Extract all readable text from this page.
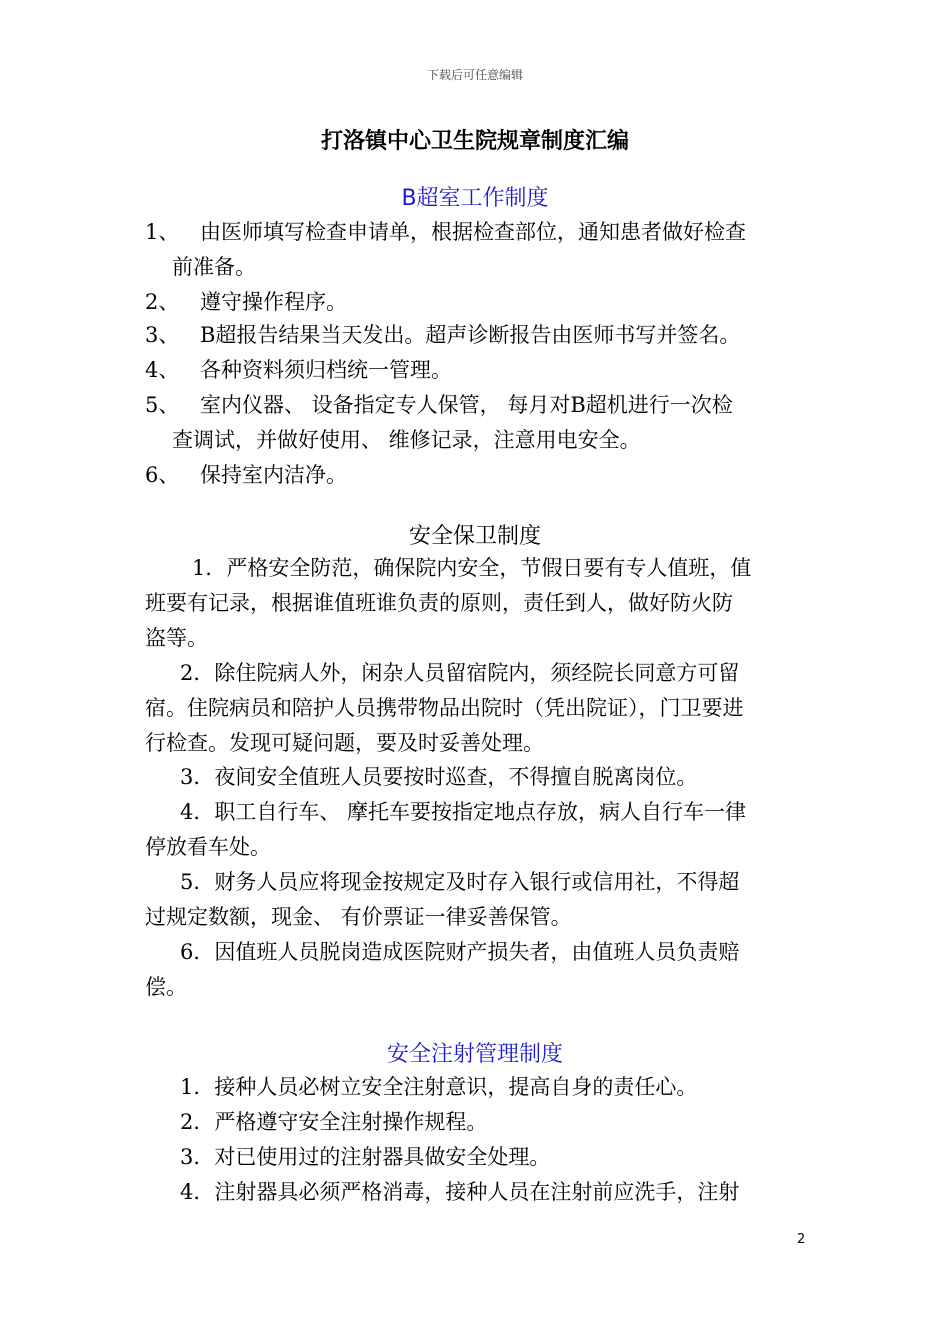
下载后可任意编辑
打洛镇中心卫生院规章制度汇编
B超室工作制度
1、 由医师填写检查申请单，根据检查部位，通知患者做好检查
前准备。
2、 遵守操作程序。
3、 B超报告结果当天发出。超声诊断报告由医师书写并签名。
4、 各种资料须归档统一管理。
5、 室内仪器、 设备指定专人保管， 每月对B超机进行一次检
查调试，并做好使用、 维修记录，注意用电安全。
6、 保持室内洁净。
安全保卫制度
1．严格安全防范，确保院内安全，节假日要有专人值班，值
班要有记录，根据谁值班谁负责的原则，责任到人，做好防火防
盗等。
2．除住院病人外，闲杂人员留宿院内，须经院长同意方可留
宿。住院病员和陪护人员携带物品出院时（凭出院证），门卫要进
行检查。发现可疑问题，要及时妥善处理。
3．夜间安全值班人员要按时巡查，不得擅自脱离岗位。
4．职工自行车、 摩托车要按指定地点存放，病人自行车一律
停放看车处。
5．财务人员应将现金按规定及时存入银行或信用社，不得超
过规定数额，现金、 有价票证一律妥善保管。
6．因值班人员脱岗造成医院财产损失者，由值班人员负责赔
偿。
安全注射管理制度
1．接种人员必树立安全注射意识，提高自身的责任心。
2．严格遵守安全注射操作规程。
3．对已使用过的注射器具做安全处理。
4．注射器具必须严格消毒，接种人员在注射前应洗手，注射
2
